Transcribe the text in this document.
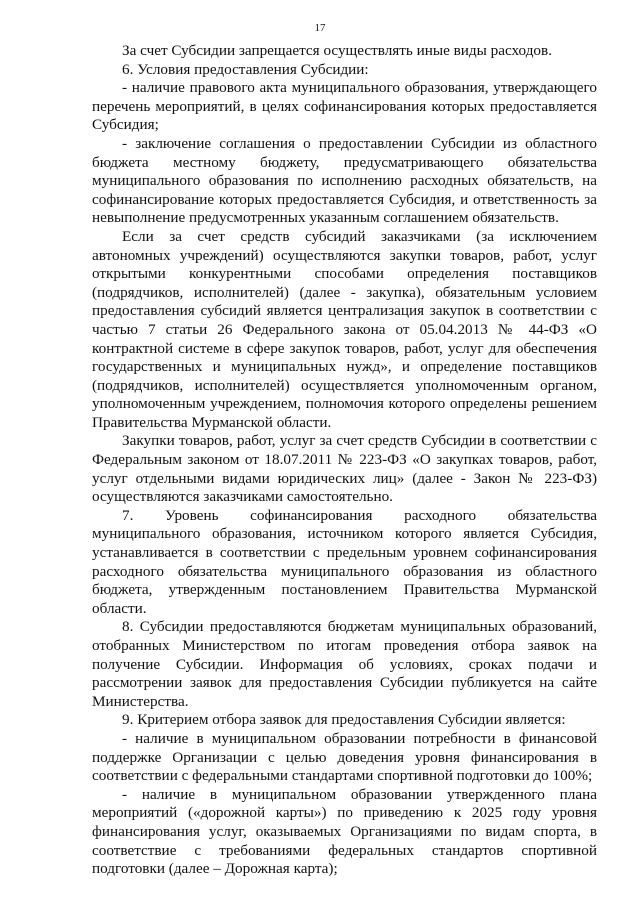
17

За счет Субсидии запрещается осуществлять иные виды расходов.

6. Условия предоставления Субсидии:

- наличие правового акта муниципального образования, утверждающего перечень мероприятий, в целях софинансирования которых предоставляется Субсидия;

- заключение соглашения о предоставлении Субсидии из областного бюджета местному бюджету, предусматривающего обязательства муниципального образования по исполнению расходных обязательств, на софинансирование которых предоставляется Субсидия, и ответственность за невыполнение предусмотренных указанным соглашением обязательств.

Если за счет средств субсидий заказчиками (за исключением автономных учреждений) осуществляются закупки товаров, работ, услуг открытыми конкурентными способами определения поставщиков (подрядчиков, исполнителей) (далее - закупка), обязательным условием предоставления субсидий является централизация закупок в соответствии с частью 7 статьи 26 Федерального закона от 05.04.2013 № 44-ФЗ «О контрактной системе в сфере закупок товаров, работ, услуг для обеспечения государственных и муниципальных нужд», и определение поставщиков (подрядчиков, исполнителей) осуществляется уполномоченным органом, уполномоченным учреждением, полномочия которого определены решением Правительства Мурманской области.

Закупки товаров, работ, услуг за счет средств Субсидии в соответствии с Федеральным законом от 18.07.2011 № 223-ФЗ «О закупках товаров, работ, услуг отдельными видами юридических лиц» (далее - Закон № 223-ФЗ) осуществляются заказчиками самостоятельно.

7. Уровень софинансирования расходного обязательства муниципального образования, источником которого является Субсидия, устанавливается в соответствии с предельным уровнем софинансирования расходного обязательства муниципального образования из областного бюджета, утвержденным постановлением Правительства Мурманской области.

8. Субсидии предоставляются бюджетам муниципальных образований, отобранных Министерством по итогам проведения отбора заявок на получение Субсидии. Информация об условиях, сроках подачи и рассмотрении заявок для предоставления Субсидии публикуется на сайте Министерства.

9. Критерием отбора заявок для предоставления Субсидии является:

- наличие в муниципальном образовании потребности в финансовой поддержке Организации с целью доведения уровня финансирования в соответствии с федеральными стандартами спортивной подготовки до 100%;

- наличие в муниципальном образовании утвержденного плана мероприятий («дорожной карты») по приведению к 2025 году уровня финансирования услуг, оказываемых Организациями по видам спорта, в соответствие с требованиями федеральных стандартов спортивной подготовки (далее – Дорожная карта);
